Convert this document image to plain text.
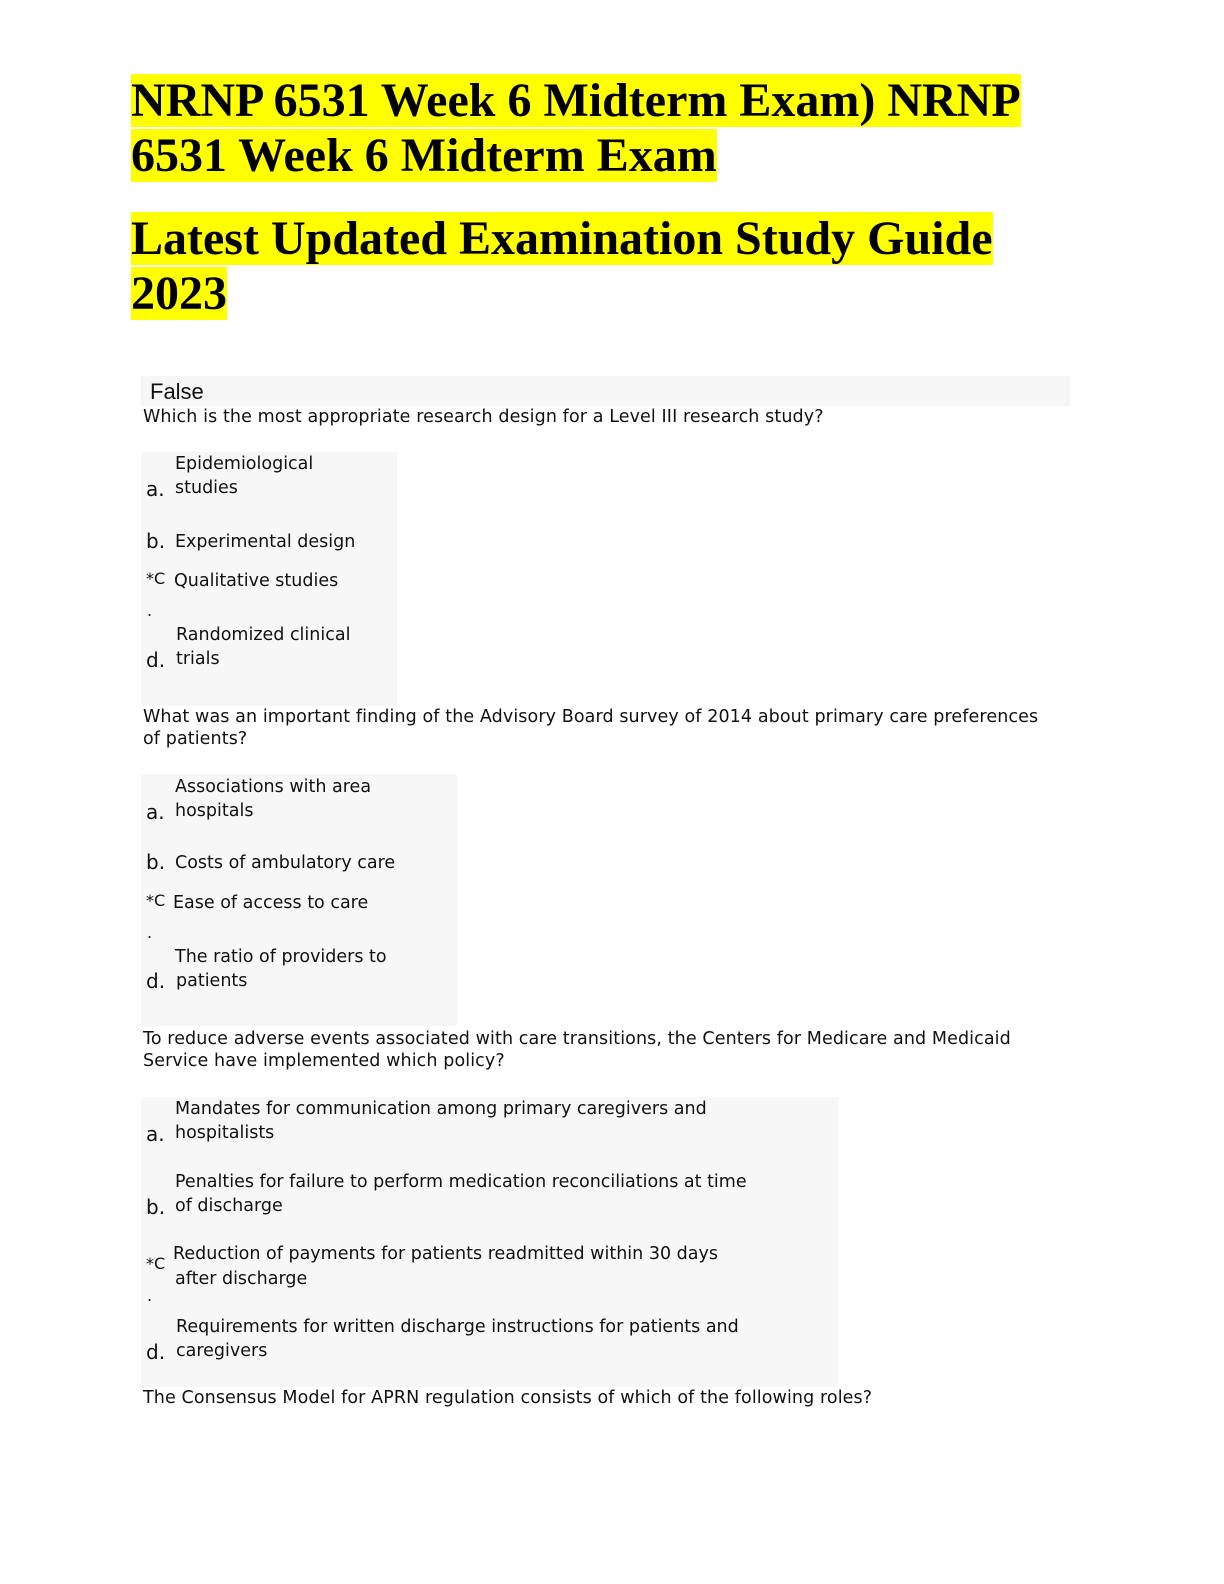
NRNP 6531 Week 6 Midterm Exam) NRNP 6531 Week 6 Midterm Exam
Latest Updated Examination Study Guide 2023
False

Which is the most appropriate research design for a Level III research study?

Epidemiological
studies
a.
b. Experimental design
*C Qualitative studies
.
Randomized clinical
trials
d.

What was an important finding of the Advisory Board survey of 2014 about primary care preferences of patients?

Associations with area
hospitals
a.
b. Costs of ambulatory care
*C Ease of access to care
.
The ratio of providers to
patients
d.

To reduce adverse events associated with care transitions, the Centers for Medicare and Medicaid Service have implemented which policy?

Mandates for communication among primary caregivers and
hospitalists
a.
Penalties for failure to perform medication reconciliations at time
of discharge
b.
Reduction of payments for patients readmitted within 30 days
*C
after discharge
.
Requirements for written discharge instructions for patients and
caregivers
d.

The Consensus Model for APRN regulation consists of which of the following roles?
